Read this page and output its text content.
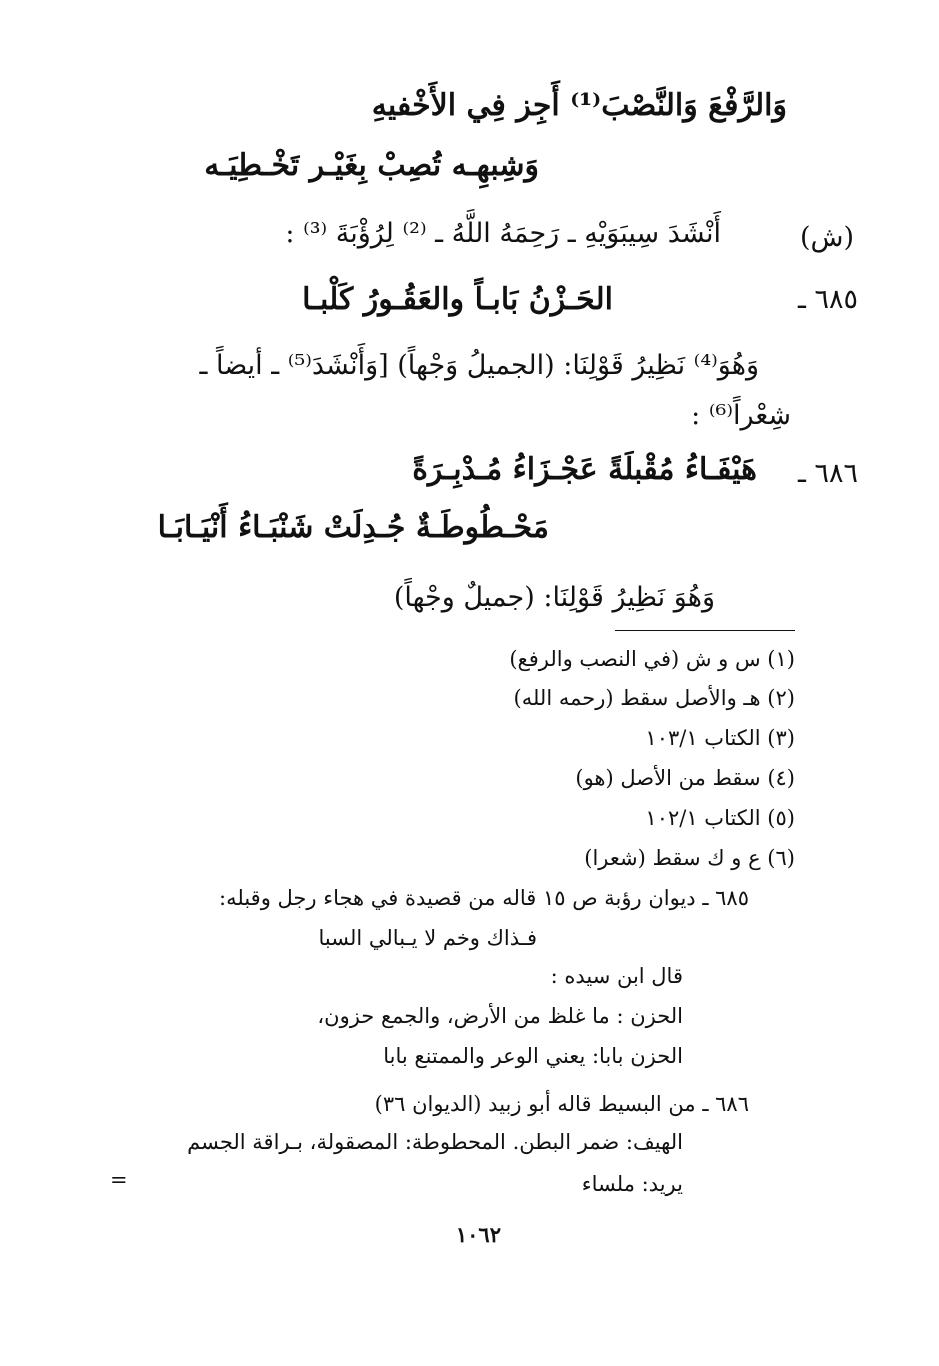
وَالرَّفْعَ وَالنَّصْبَ⁽¹⁾ أَجِز فِي الأَخْفيهِ
وَشِبهِـه تُصِبْ بِغَيْـر تَخْـطِيَـه
(ش)
أَنْشَدَ سِيبَوَيْهِ ـ رَحِمَهُ اللَّهُ ـ ⁽²⁾ لِرُؤْبَةَ ⁽³⁾ :
٦٨٥ ـ
الحَـزْنُ بَابـاً والعَقُـورُ كَلْبـا
وَهُوَ⁽⁴⁾ نَظِيرُ قَوْلِنَا: (الجميلُ وَجْهاً) [وَأَنْشَدَ⁽⁵⁾ ـ أيضاً ـ
شِعْراً⁽⁶⁾ :
٦٨٦ ـ
هَيْفَـاءُ مُقْبلَةً عَجْـزَاءُ مُـدْبِـرَةً
مَحْـطُوطَـةٌ جُـدِلَتْ شَنْبَـاءُ أَنْيَـابَـا
وَهُوَ نَظِيرُ قَوْلِنَا: (جميلٌ وجْهاً)
(١) س و ش (في النصب والرفع)
(٢) هـ والأصل سقط (رحمه الله)
(٣) الكتاب ١٠٣/١
(٤) سقط من الأصل (هو)
(٥) الكتاب ١٠٢/١
(٦) ع و ك سقط (شعرا)
٦٨٥ ـ ديوان رؤبة ص ١٥ قاله من قصيدة في هجاء رجل وقبله:
فـذاك وخم لا يـبالي السبا
قال ابن سيده :
الحزن : ما غلظ من الأرض، والجمع حزون،
الحزن بابا: يعني الوعر والممتنع بابا
٦٨٦ ـ من البسيط قاله أبو زبيد (الديوان ٣٦)
الهيف: ضمر البطن. المحطوطة: المصقولة، بـراقة الجسم
يريد: ملساء
=
١٠٦٢
